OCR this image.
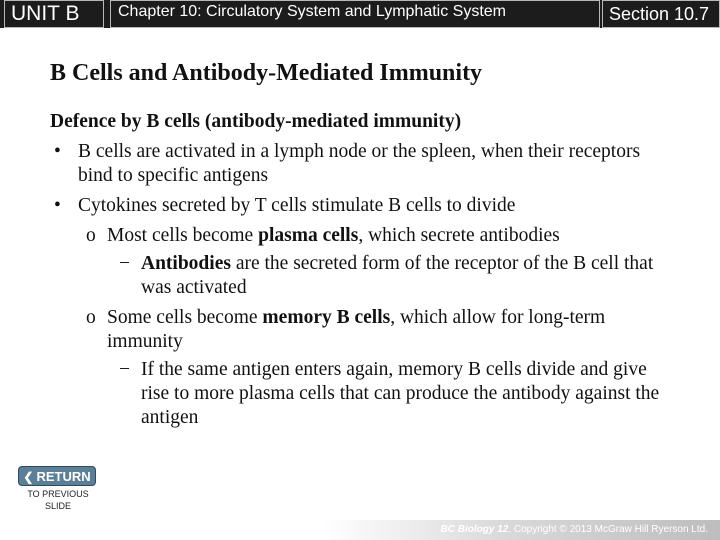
UNIT B	Chapter 10: Circulatory System and Lymphatic System	Section 10.7
B Cells and Antibody-Mediated Immunity
Defence by B cells (antibody-mediated immunity)
• B cells are activated in a lymph node or the spleen, when their receptors bind to specific antigens
• Cytokines secreted by T cells stimulate B cells to divide
o Most cells become plasma cells, which secrete antibodies
− Antibodies are the secreted form of the receptor of the B cell that was activated
o Some cells become memory B cells, which allow for long-term immunity
− If the same antigen enters again, memory B cells divide and give rise to more plasma cells that can produce the antibody against the antigen
❮ RETURN
TO PREVIOUS SLIDE
BC Biology 12, Copyright © 2013 McGraw Hill Ryerson Ltd.
